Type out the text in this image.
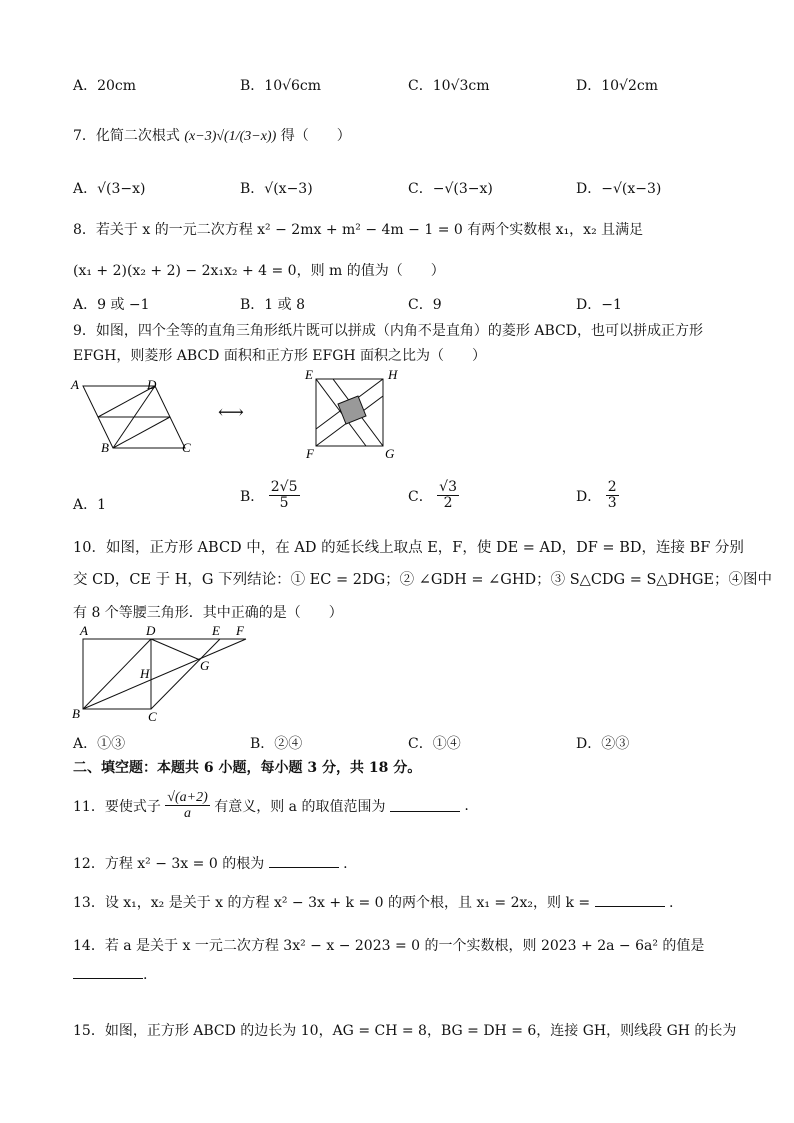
A．20cm	B．10√6cm	C．10√3cm	D．10√2cm
7．化简二次根式 (x−3)√(1/(3−x)) 得（　　）
A．√(3−x)	B．√(x−3)	C．−√(3−x)	D．−√(x−3)
8．若关于 x 的一元二次方程 x² − 2mx + m² − 4m − 1 = 0 有两个实数根 x₁，x₂ 且满足
(x₁ + 2)(x₂ + 2) − 2x₁x₂ + 4 = 0，则 m 的值为（　　）
A．9 或 −1	B．1 或 8	C．9	D．−1
9．如图，四个全等的直角三角形纸片既可以拼成（内角不是直角）的菱形 ABCD，也可以拼成正方形
EFGH，则菱形 ABCD 面积和正方形 EFGH 面积之比为（　　）
A	D
B	C
⟷
E	H
F	G
A．1
B． $\frac{2√5}{5}$	C． $\frac{√3}{2}$	D． $\frac{2}{3}$
10．如图，正方形 ABCD 中，在 AD 的延长线上取点 E，F，使 DE = AD，DF = BD，连接 BF 分别
交 CD，CE 于 H，G 下列结论：① EC = 2DG；② ∠GDH = ∠GHD；③ S△CDG = S△DHGE；④图中
有 8 个等腰三角形．其中正确的是（　　）
A	D	E F
H
G
B	C
A．①③	B．②④	C．①④	D．②③
二、填空题：本题共 6 小题，每小题 3 分，共 18 分。
11．要使式子 $\frac{√(a+2)}{a}$ 有意义，则 a 的取值范围为	.
12．方程 x² − 3x = 0 的根为	.
13．设 x₁，x₂ 是关于 x 的方程 x² − 3x + k = 0 的两个根，且 x₁ = 2x₂，则 k =	.
14．若 a 是关于 x 一元二次方程 3x² − x − 2023 = 0 的一个实数根，则 2023 + 2a − 6a² 的值是
.
15．如图，正方形 ABCD 的边长为 10，AG = CH = 8，BG = DH = 6，连接 GH，则线段 GH 的长为
